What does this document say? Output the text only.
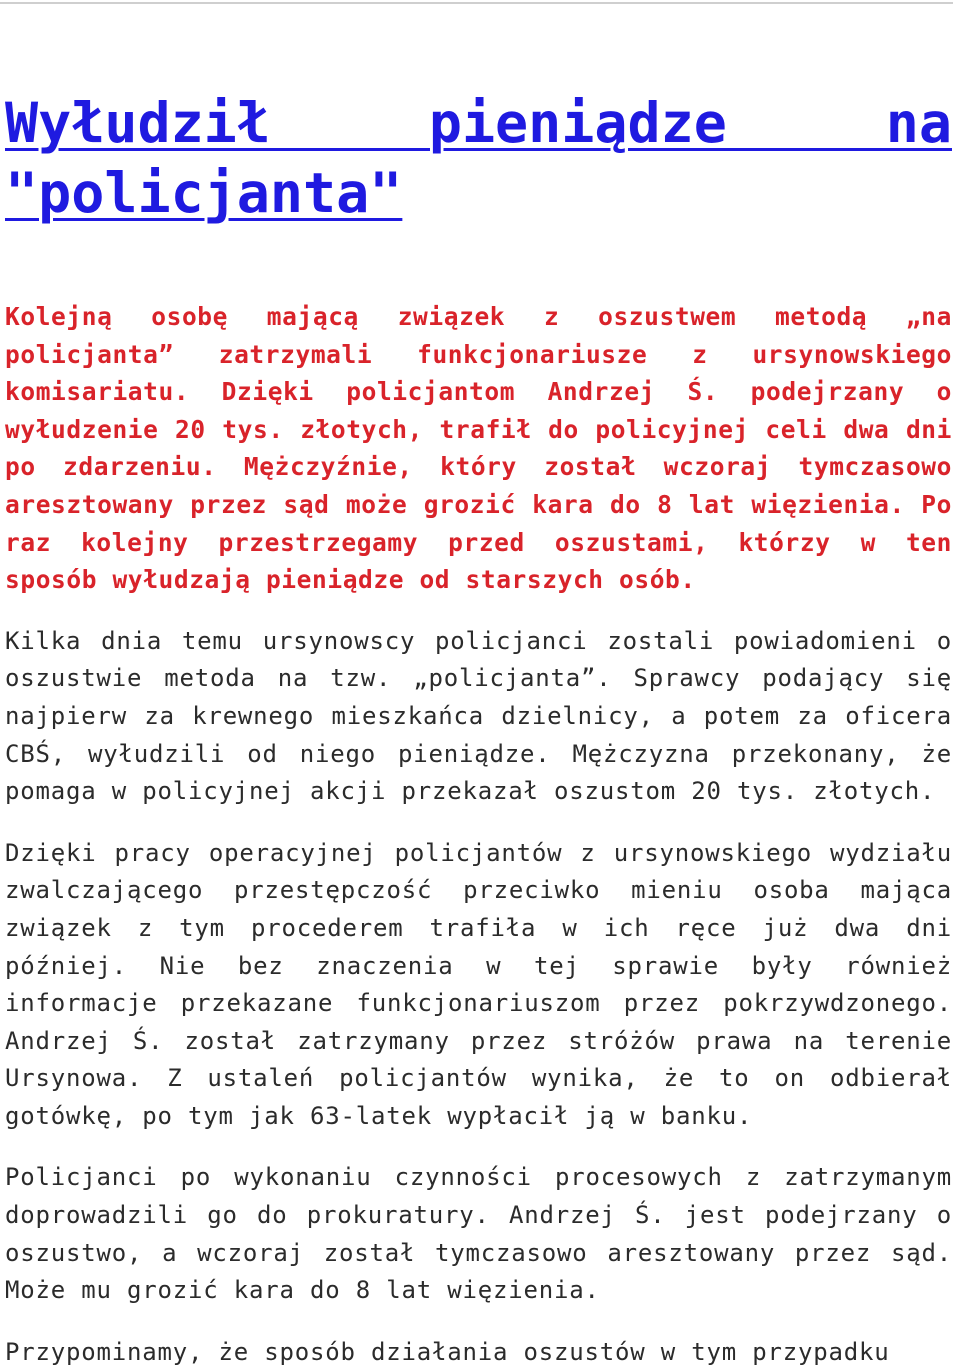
Wyłudził pieniądze na "policjanta"

Kolejną osobę mającą związek z oszustwem metodą „na policjanta” zatrzymali funkcjonariusze z ursynowskiego komisariatu. Dzięki policjantom Andrzej Ś. podejrzany o wyłudzenie 20 tys. złotych, trafił do policyjnej celi dwa dni po zdarzeniu. Mężczyźnie, który został wczoraj tymczasowo aresztowany przez sąd może grozić kara do 8 lat więzienia. Po raz kolejny przestrzegamy przed oszustami, którzy w ten sposób wyłudzają pieniądze od starszych osób.

Kilka dnia temu ursynowscy policjanci zostali powiadomieni o oszustwie metoda na tzw. „policjanta”. Sprawcy podający się najpierw za krewnego mieszkańca dzielnicy, a potem za oficera CBŚ, wyłudzili od niego pieniądze. Mężczyzna przekonany, że pomaga w policyjnej akcji przekazał oszustom 20 tys. złotych.

Dzięki pracy operacyjnej policjantów z ursynowskiego wydziału zwalczającego przestępczość przeciwko mieniu osoba mająca związek z tym procederem trafiła w ich ręce już dwa dni później. Nie bez znaczenia w tej sprawie były również informacje przekazane funkcjonariuszom przez pokrzywdzonego. Andrzej Ś. został zatrzymany przez stróżów prawa na terenie Ursynowa. Z ustaleń policjantów wynika, że to on odbierał gotówkę, po tym jak 63-latek wypłacił ją w banku.

Policjanci po wykonaniu czynności procesowych z zatrzymanym doprowadzili go do prokuratury. Andrzej Ś. jest podejrzany o oszustwo, a wczoraj został tymczasowo aresztowany przez sąd. Może mu grozić kara do 8 lat więzienia.

Przypominamy, że sposób działania oszustów w tym przypadku
